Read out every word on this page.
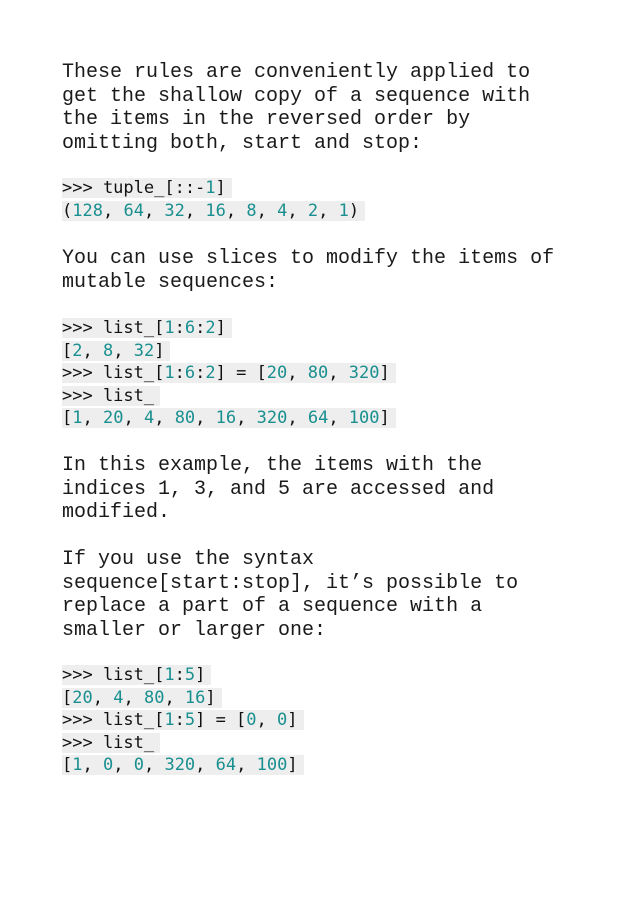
These rules are conveniently applied to
get the shallow copy of a sequence with
the items in the reversed order by
omitting both, start and stop:
>>> tuple_[::-1]
(128, 64, 32, 16, 8, 4, 2, 1)
You can use slices to modify the items of
mutable sequences:
>>> list_[1:6:2]
[2, 8, 32]
>>> list_[1:6:2] = [20, 80, 320]
>>> list_
[1, 20, 4, 80, 16, 320, 64, 100]
In this example, the items with the
indices 1, 3, and 5 are accessed and
modified.
If you use the syntax
sequence[start:stop], it’s possible to
replace a part of a sequence with a
smaller or larger one:
>>> list_[1:5]
[20, 4, 80, 16]
>>> list_[1:5] = [0, 0]
>>> list_
[1, 0, 0, 320, 64, 100]
